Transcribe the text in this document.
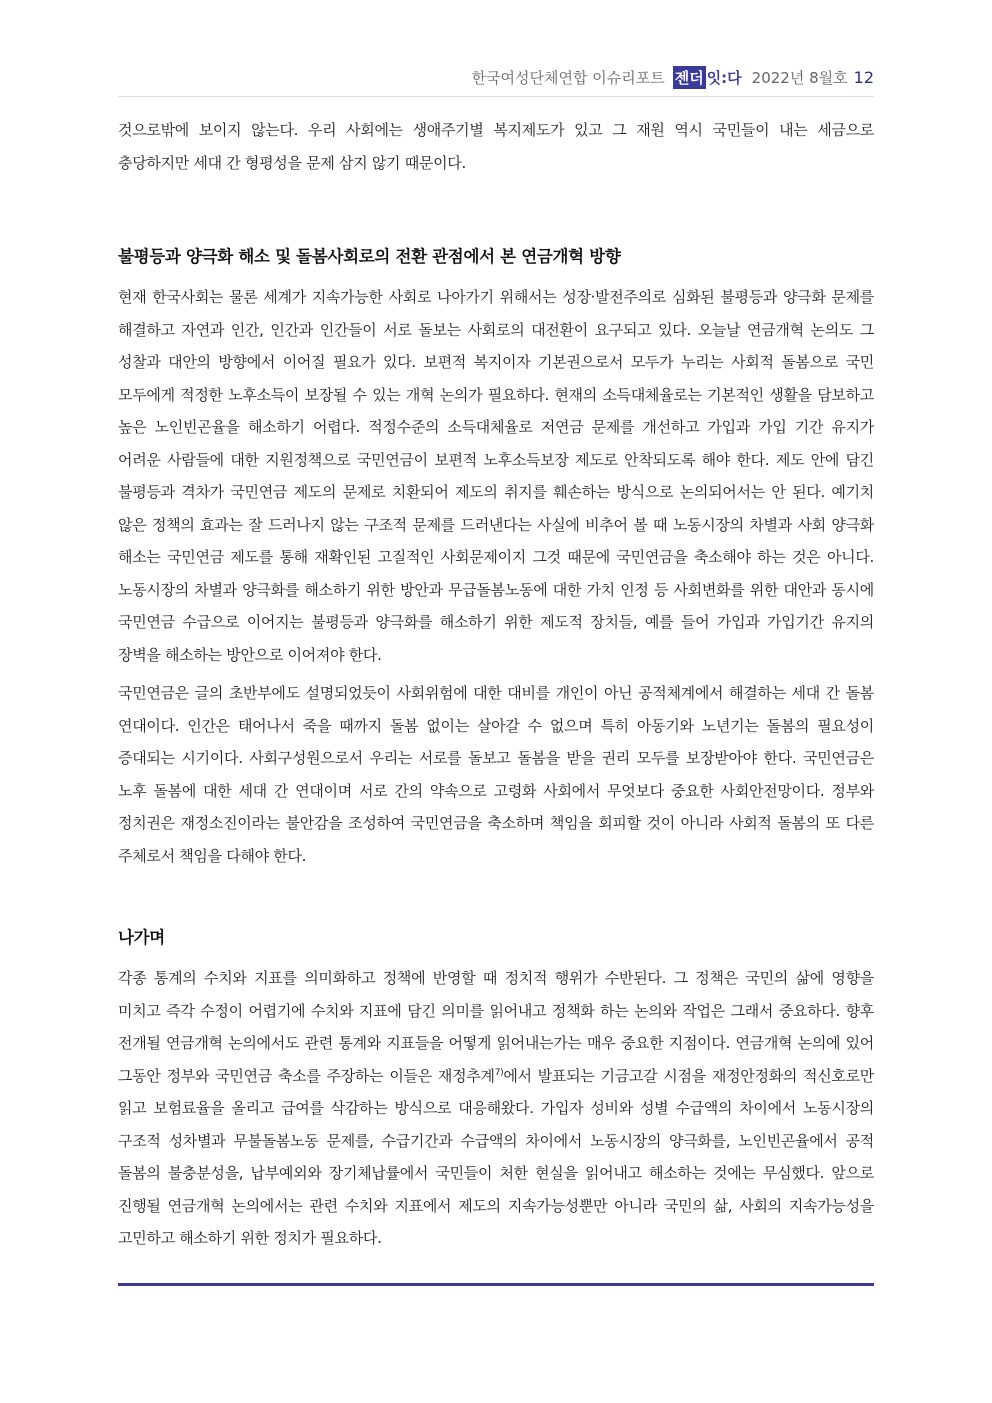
한국여성단체연합 이슈리포트 젠더 잇:다 2022년 8월호 12

것으로밖에 보이지 않는다. 우리 사회에는 생애주기별 복지제도가 있고 그 재원 역시 국민들이 내는 세금으로 충당하지만 세대 간 형평성을 문제 삼지 않기 때문이다.

불평등과 양극화 해소 및 돌봄사회로의 전환 관점에서 본 연금개혁 방향

현재 한국사회는 물론 세계가 지속가능한 사회로 나아가기 위해서는 성장·발전주의로 심화된 불평등과 양극화 문제를 해결하고 자연과 인간, 인간과 인간들이 서로 돌보는 사회로의 대전환이 요구되고 있다. 오늘날 연금개혁 논의도 그 성찰과 대안의 방향에서 이어질 필요가 있다. 보편적 복지이자 기본권으로서 모두가 누리는 사회적 돌봄으로 국민 모두에게 적정한 노후소득이 보장될 수 있는 개혁 논의가 필요하다. 현재의 소득대체율로는 기본적인 생활을 담보하고 높은 노인빈곤율을 해소하기 어렵다. 적정수준의 소득대체율로 저연금 문제를 개선하고 가입과 가입 기간 유지가 어려운 사람들에 대한 지원정책으로 국민연금이 보편적 노후소득보장 제도로 안착되도록 해야 한다. 제도 안에 담긴 불평등과 격차가 국민연금 제도의 문제로 치환되어 제도의 취지를 훼손하는 방식으로 논의되어서는 안 된다. 예기치 않은 정책의 효과는 잘 드러나지 않는 구조적 문제를 드러낸다는 사실에 비추어 볼 때 노동시장의 차별과 사회 양극화 해소는 국민연금 제도를 통해 재확인된 고질적인 사회문제이지 그것 때문에 국민연금을 축소해야 하는 것은 아니다. 노동시장의 차별과 양극화를 해소하기 위한 방안과 무급돌봄노동에 대한 가치 인정 등 사회변화를 위한 대안과 동시에 국민연금 수급으로 이어지는 불평등과 양극화를 해소하기 위한 제도적 장치들, 예를 들어 가입과 가입기간 유지의 장벽을 해소하는 방안으로 이어져야 한다.

국민연금은 글의 초반부에도 설명되었듯이 사회위험에 대한 대비를 개인이 아닌 공적체계에서 해결하는 세대 간 돌봄 연대이다. 인간은 태어나서 죽을 때까지 돌봄 없이는 살아갈 수 없으며 특히 아동기와 노년기는 돌봄의 필요성이 증대되는 시기이다. 사회구성원으로서 우리는 서로를 돌보고 돌봄을 받을 권리 모두를 보장받아야 한다. 국민연금은 노후 돌봄에 대한 세대 간 연대이며 서로 간의 약속으로 고령화 사회에서 무엇보다 중요한 사회안전망이다. 정부와 정치권은 재정소진이라는 불안감을 조성하여 국민연금을 축소하며 책임을 회피할 것이 아니라 사회적 돌봄의 또 다른 주체로서 책임을 다해야 한다.

나가며

각종 통계의 수치와 지표를 의미화하고 정책에 반영할 때 정치적 행위가 수반된다. 그 정책은 국민의 삶에 영향을 미치고 즉각 수정이 어렵기에 수치와 지표에 담긴 의미를 읽어내고 정책화 하는 논의와 작업은 그래서 중요하다. 향후 전개될 연금개혁 논의에서도 관련 통계와 지표들을 어떻게 읽어내는가는 매우 중요한 지점이다. 연금개혁 논의에 있어 그동안 정부와 국민연금 축소를 주장하는 이들은 재정추계$^{7)}$에서 발표되는 기금고갈 시점을 재정안정화의 적신호로만 읽고 보험료율을 올리고 급여를 삭감하는 방식으로 대응해왔다. 가입자 성비와 성별 수급액의 차이에서 노동시장의 구조적 성차별과 무불돌봄노동 문제를, 수급기간과 수급액의 차이에서 노동시장의 양극화를, 노인빈곤율에서 공적 돌봄의 불충분성을, 납부예외와 장기체납률에서 국민들이 처한 현실을 읽어내고 해소하는 것에는 무심했다. 앞으로 진행될 연금개혁 논의에서는 관련 수치와 지표에서 제도의 지속가능성뿐만 아니라 국민의 삶, 사회의 지속가능성을 고민하고 해소하기 위한 정치가 필요하다.
